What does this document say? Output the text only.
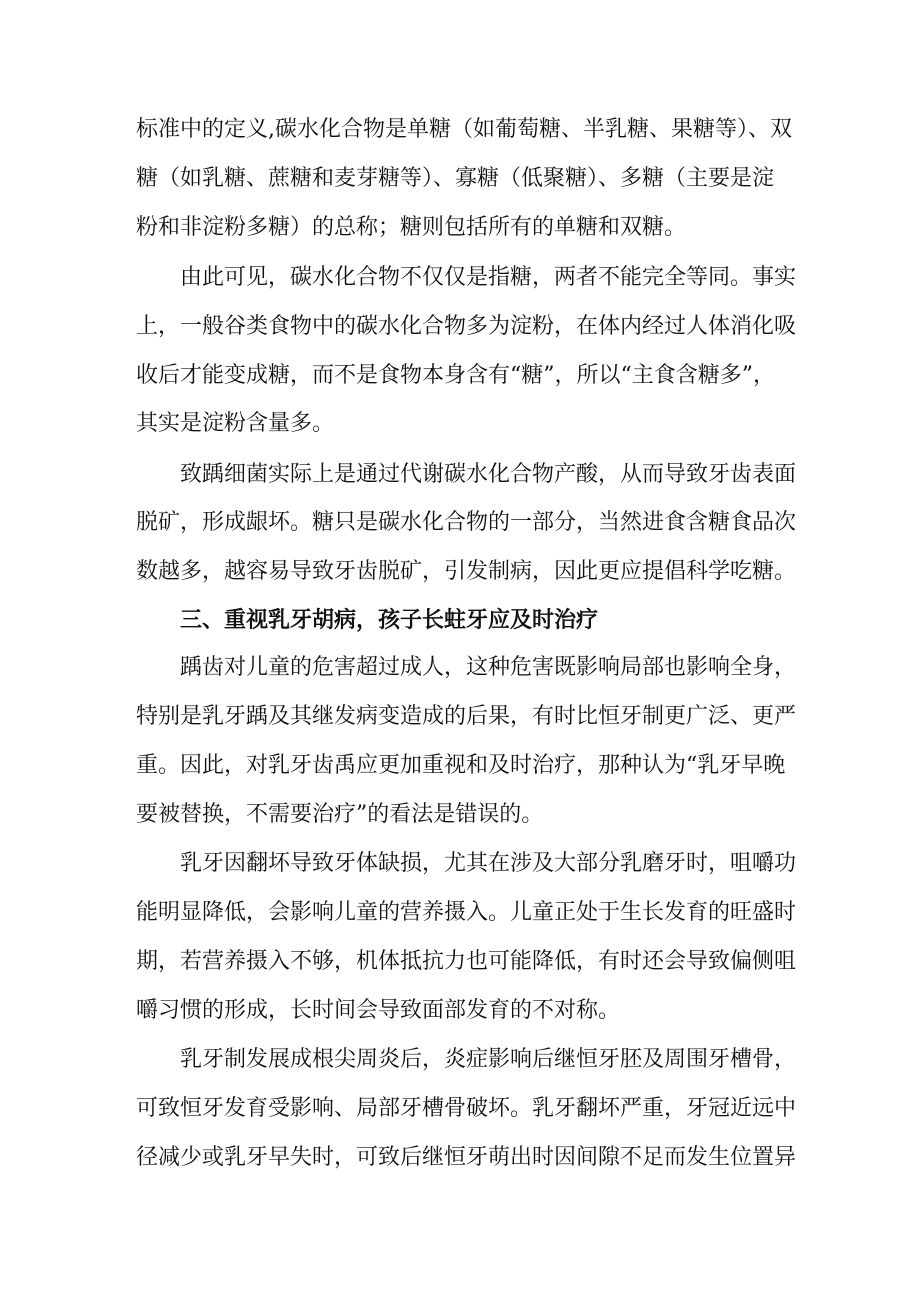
标准中的定义,碳水化合物是单糖（如葡萄糖、半乳糖、果糖等）、双
糖（如乳糖、蔗糖和麦芽糖等）、寡糖（低聚糖）、多糖（主要是淀
粉和非淀粉多糖）的总称；糖则包括所有的单糖和双糖。
由此可见，碳水化合物不仅仅是指糖，两者不能完全等同。事实
上，一般谷类食物中的碳水化合物多为淀粉，在体内经过人体消化吸
收后才能变成糖，而不是食物本身含有“糖”，所以“主食含糖多”，
其实是淀粉含量多。
致踽细菌实际上是通过代谢碳水化合物产酸，从而导致牙齿表面
脱矿，形成龈坏。糖只是碳水化合物的一部分，当然进食含糖食品次
数越多，越容易导致牙齿脱矿，引发制病，因此更应提倡科学吃糖。
三、重视乳牙胡病，孩子长蛀牙应及时治疗
踽齿对儿童的危害超过成人，这种危害既影响局部也影响全身，
特别是乳牙踽及其继发病变造成的后果，有时比恒牙制更广泛、更严
重。因此，对乳牙齿禹应更加重视和及时治疗，那种认为“乳牙早晚
要被替换，不需要治疗”的看法是错误的。
乳牙因翻坏导致牙体缺损，尤其在涉及大部分乳磨牙时，咀嚼功
能明显降低，会影响儿童的营养摄入。儿童正处于生长发育的旺盛时
期，若营养摄入不够，机体抵抗力也可能降低，有时还会导致偏侧咀
嚼习惯的形成，长时间会导致面部发育的不对称。
乳牙制发展成根尖周炎后，炎症影响后继恒牙胚及周围牙槽骨，
可致恒牙发育受影响、局部牙槽骨破坏。乳牙翻坏严重，牙冠近远中
径减少或乳牙早失时，可致后继恒牙萌出时因间隙不足而发生位置异
